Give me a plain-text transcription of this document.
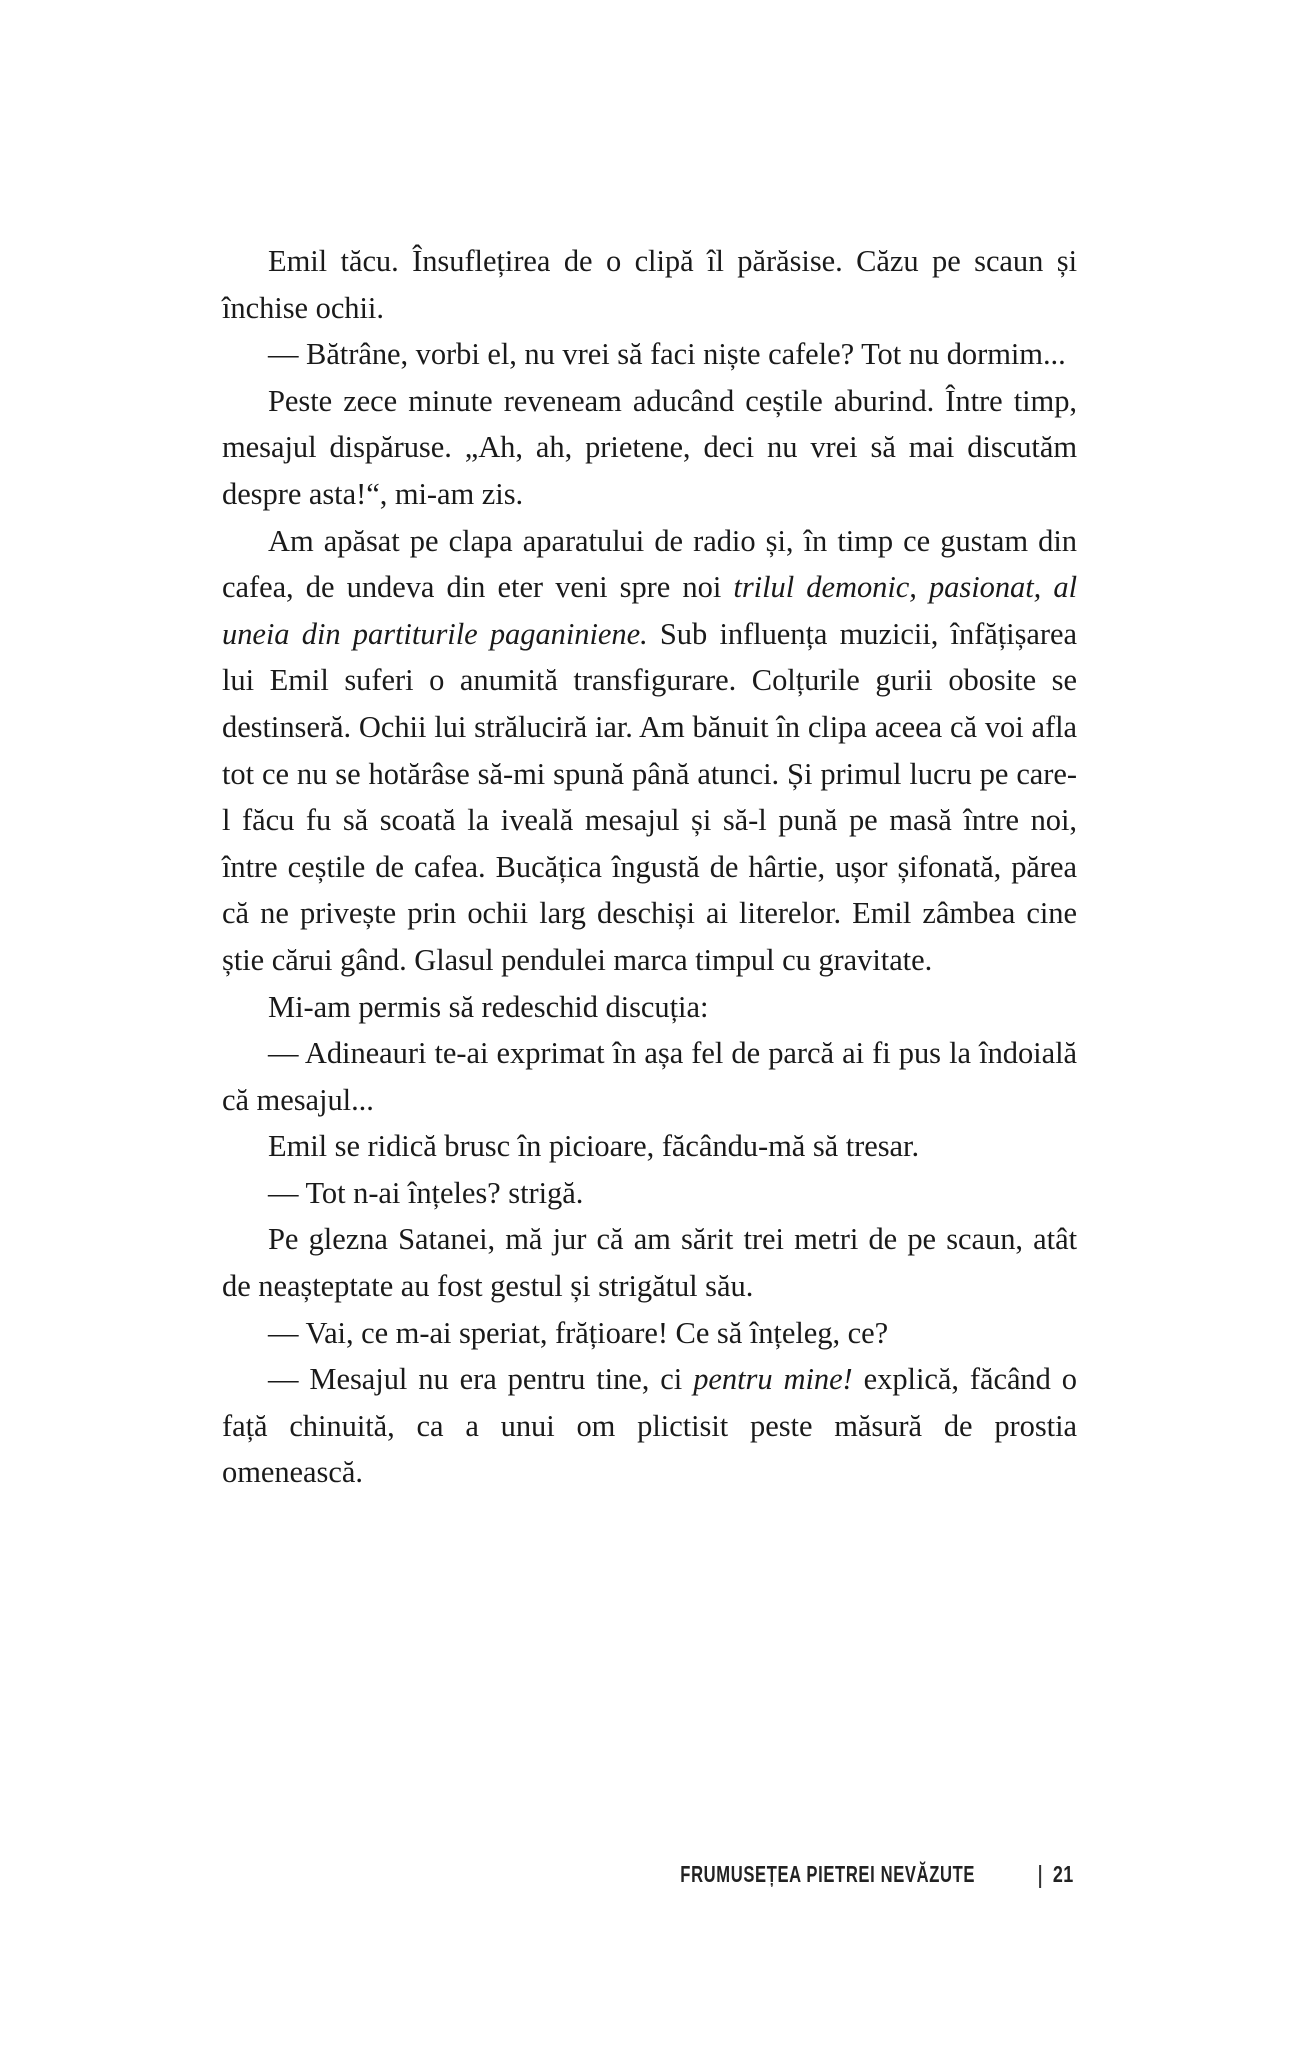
Emil tăcu. Însuflețirea de o clipă îl părăsise. Căzu pe scaun și închise ochii.

— Bătrâne, vorbi el, nu vrei să faci niște cafele? Tot nu dormim...

Peste zece minute reveneam aducând ceștile aburind. Între timp, mesajul dispăruse. „Ah, ah, prietene, deci nu vrei să mai discutăm despre asta!“, mi-am zis.

Am apăsat pe clapa aparatului de radio și, în timp ce gustam din cafea, de undeva din eter veni spre noi trilul demonic, pasionat, al uneia din partiturile paganiniene. Sub influența muzicii, înfățișarea lui Emil suferi o anumită transfigurare. Colțurile gurii obosite se destinseră. Ochii lui străluciră iar. Am bănuit în clipa aceea că voi afla tot ce nu se hotărâse să-mi spună până atunci. Și primul lucru pe care-l făcu fu să scoată la iveală mesajul și să-l pună pe masă între noi, între ceștile de cafea. Bucățica îngustă de hârtie, ușor șifonată, părea că ne privește prin ochii larg deschiși ai literelor. Emil zâmbea cine știe cărui gând. Glasul pendulei marca timpul cu gravitate.

Mi-am permis să redeschid discuția:

— Adineauri te-ai exprimat în așa fel de parcă ai fi pus la îndoială că mesajul...

Emil se ridică brusc în picioare, făcându-mă să tresar.

— Tot n-ai înțeles? strigă.

Pe glezna Satanei, mă jur că am sărit trei metri de pe scaun, atât de neașteptate au fost gestul și strigătul său.

— Vai, ce m-ai speriat, frățioare! Ce să înțeleg, ce?

— Mesajul nu era pentru tine, ci pentru mine! explică, făcând o față chinuită, ca a unui om plictisit peste măsură de prostia omenească.

FRUMUSEȚEA PIETREI NEVĂZUTE | 21
